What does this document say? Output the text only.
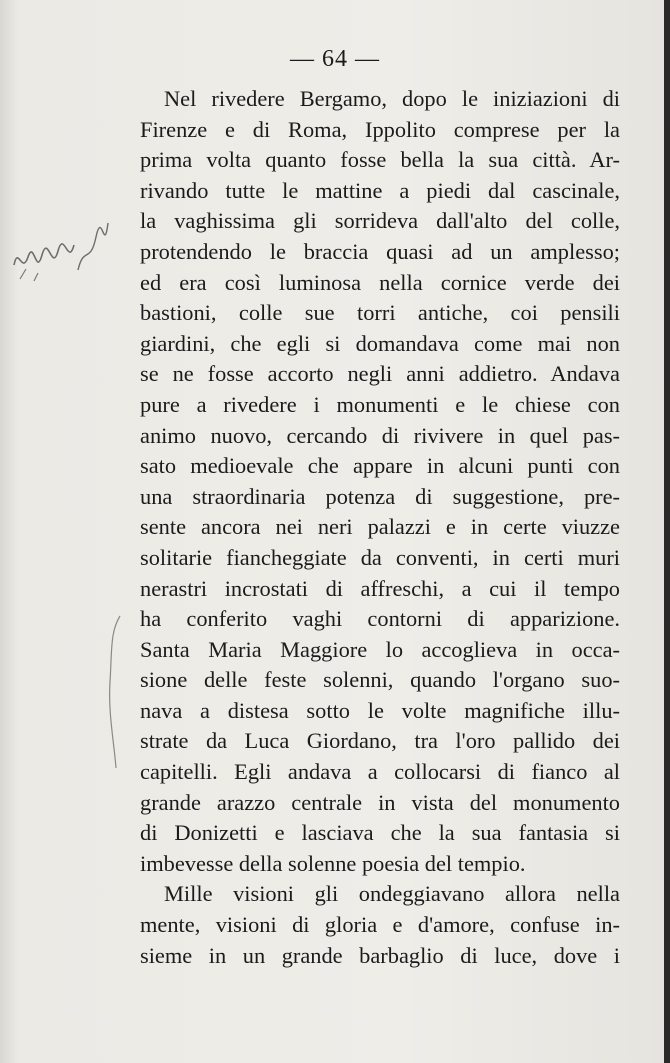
— 64 —
Nel rivedere Bergamo, dopo le iniziazioni di
Firenze e di Roma, Ippolito comprese per la
prima volta quanto fosse bella la sua città. Ar-
rivando tutte le mattine a piedi dal cascinale,
la vaghissima gli sorrideva dall'alto del colle,
protendendo le braccia quasi ad un amplesso;
ed era così luminosa nella cornice verde dei
bastioni, colle sue torri antiche, coi pensili
giardini, che egli si domandava come mai non
se ne fosse accorto negli anni addietro. Andava
pure a rivedere i monumenti e le chiese con
animo nuovo, cercando di rivivere in quel pas-
sato medioevale che appare in alcuni punti con
una straordinaria potenza di suggestione, pre-
sente ancora nei neri palazzi e in certe viuzze
solitarie fiancheggiate da conventi, in certi muri
nerastri incrostati di affreschi, a cui il tempo
ha conferito vaghi contorni di apparizione.
Santa Maria Maggiore lo accoglieva in occa-
sione delle feste solenni, quando l'organo suo-
nava a distesa sotto le volte magnifiche illu-
strate da Luca Giordano, tra l'oro pallido dei
capitelli. Egli andava a collocarsi di fianco al
grande arazzo centrale in vista del monumento
di Donizetti e lasciava che la sua fantasia si
imbevesse della solenne poesia del tempio.
Mille visioni gli ondeggiavano allora nella
mente, visioni di gloria e d'amore, confuse in-
sieme in un grande barbaglio di luce, dove i
